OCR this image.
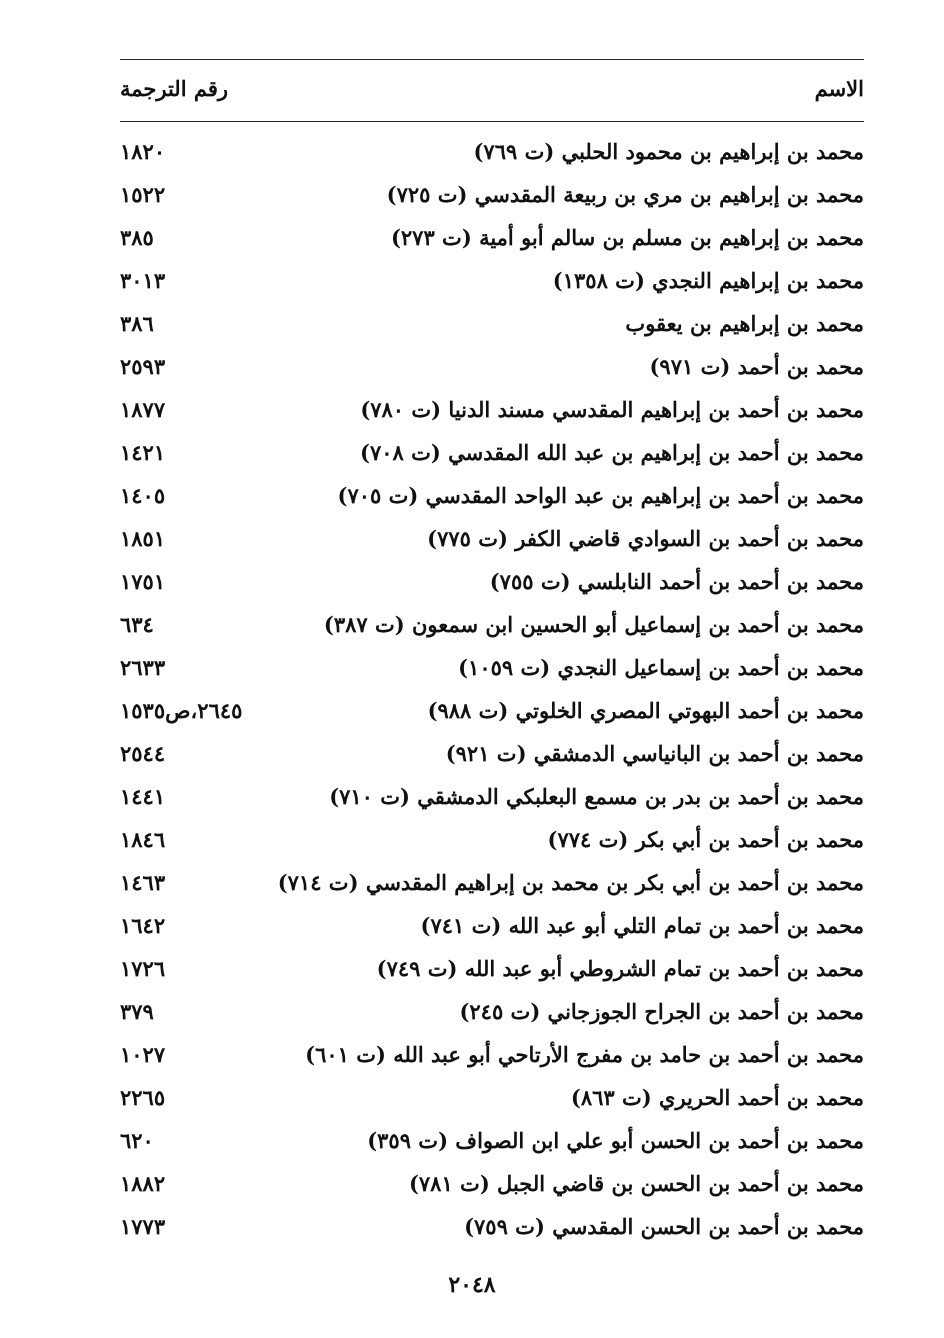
الاسم
رقم الترجمة
محمد بن إبراهيم بن محمود الحلبي (ت ٧٦٩)
١٨٢٠
محمد بن إبراهيم بن مري بن ربيعة المقدسي (ت ٧٢٥)
١٥٢٢
محمد بن إبراهيم بن مسلم بن سالم أبو أمية (ت ٢٧٣)
٣٨٥
محمد بن إبراهيم النجدي (ت ١٣٥٨)
٣٠١٣
محمد بن إبراهيم بن يعقوب
٣٨٦
محمد بن أحمد (ت ٩٧١)
٢٥٩٣
محمد بن أحمد بن إبراهيم المقدسي مسند الدنيا (ت ٧٨٠)
١٨٧٧
محمد بن أحمد بن إبراهيم بن عبد الله المقدسي (ت ٧٠٨)
١٤٢١
محمد بن أحمد بن إبراهيم بن عبد الواحد المقدسي (ت ٧٠٥)
١٤٠٥
محمد بن أحمد بن السوادي قاضي الكفر (ت ٧٧٥)
١٨٥١
محمد بن أحمد بن أحمد النابلسي (ت ٧٥٥)
١٧٥١
محمد بن أحمد بن إسماعيل أبو الحسين ابن سمعون (ت ٣٨٧)
٦٣٤
محمد بن أحمد بن إسماعيل النجدي (ت ١٠٥٩)
٢٦٣٣
محمد بن أحمد البهوتي المصري الخلوتي (ت ٩٨٨)
٢٦٤٥،ص١٥٣٥
محمد بن أحمد بن البانياسي الدمشقي (ت ٩٢١)
٢٥٤٤
محمد بن أحمد بن بدر بن مسمع البعلبكي الدمشقي (ت ٧١٠)
١٤٤١
محمد بن أحمد بن أبي بكر (ت ٧٧٤)
١٨٤٦
محمد بن أحمد بن أبي بكر بن محمد بن إبراهيم المقدسي (ت ٧١٤)
١٤٦٣
محمد بن أحمد بن تمام التلي أبو عبد الله (ت ٧٤١)
١٦٤٢
محمد بن أحمد بن تمام الشروطي أبو عبد الله (ت ٧٤٩)
١٧٢٦
محمد بن أحمد بن الجراح الجوزجاني (ت ٢٤٥)
٣٧٩
محمد بن أحمد بن حامد بن مفرج الأرتاحي أبو عبد الله (ت ٦٠١)
١٠٢٧
محمد بن أحمد الحريري (ت ٨٦٣)
٢٢٦٥
محمد بن أحمد بن الحسن أبو علي ابن الصواف (ت ٣٥٩)
٦٢٠
محمد بن أحمد بن الحسن بن قاضي الجبل (ت ٧٨١)
١٨٨٢
محمد بن أحمد بن الحسن المقدسي (ت ٧٥٩)
١٧٧٣
٢٠٤٨
